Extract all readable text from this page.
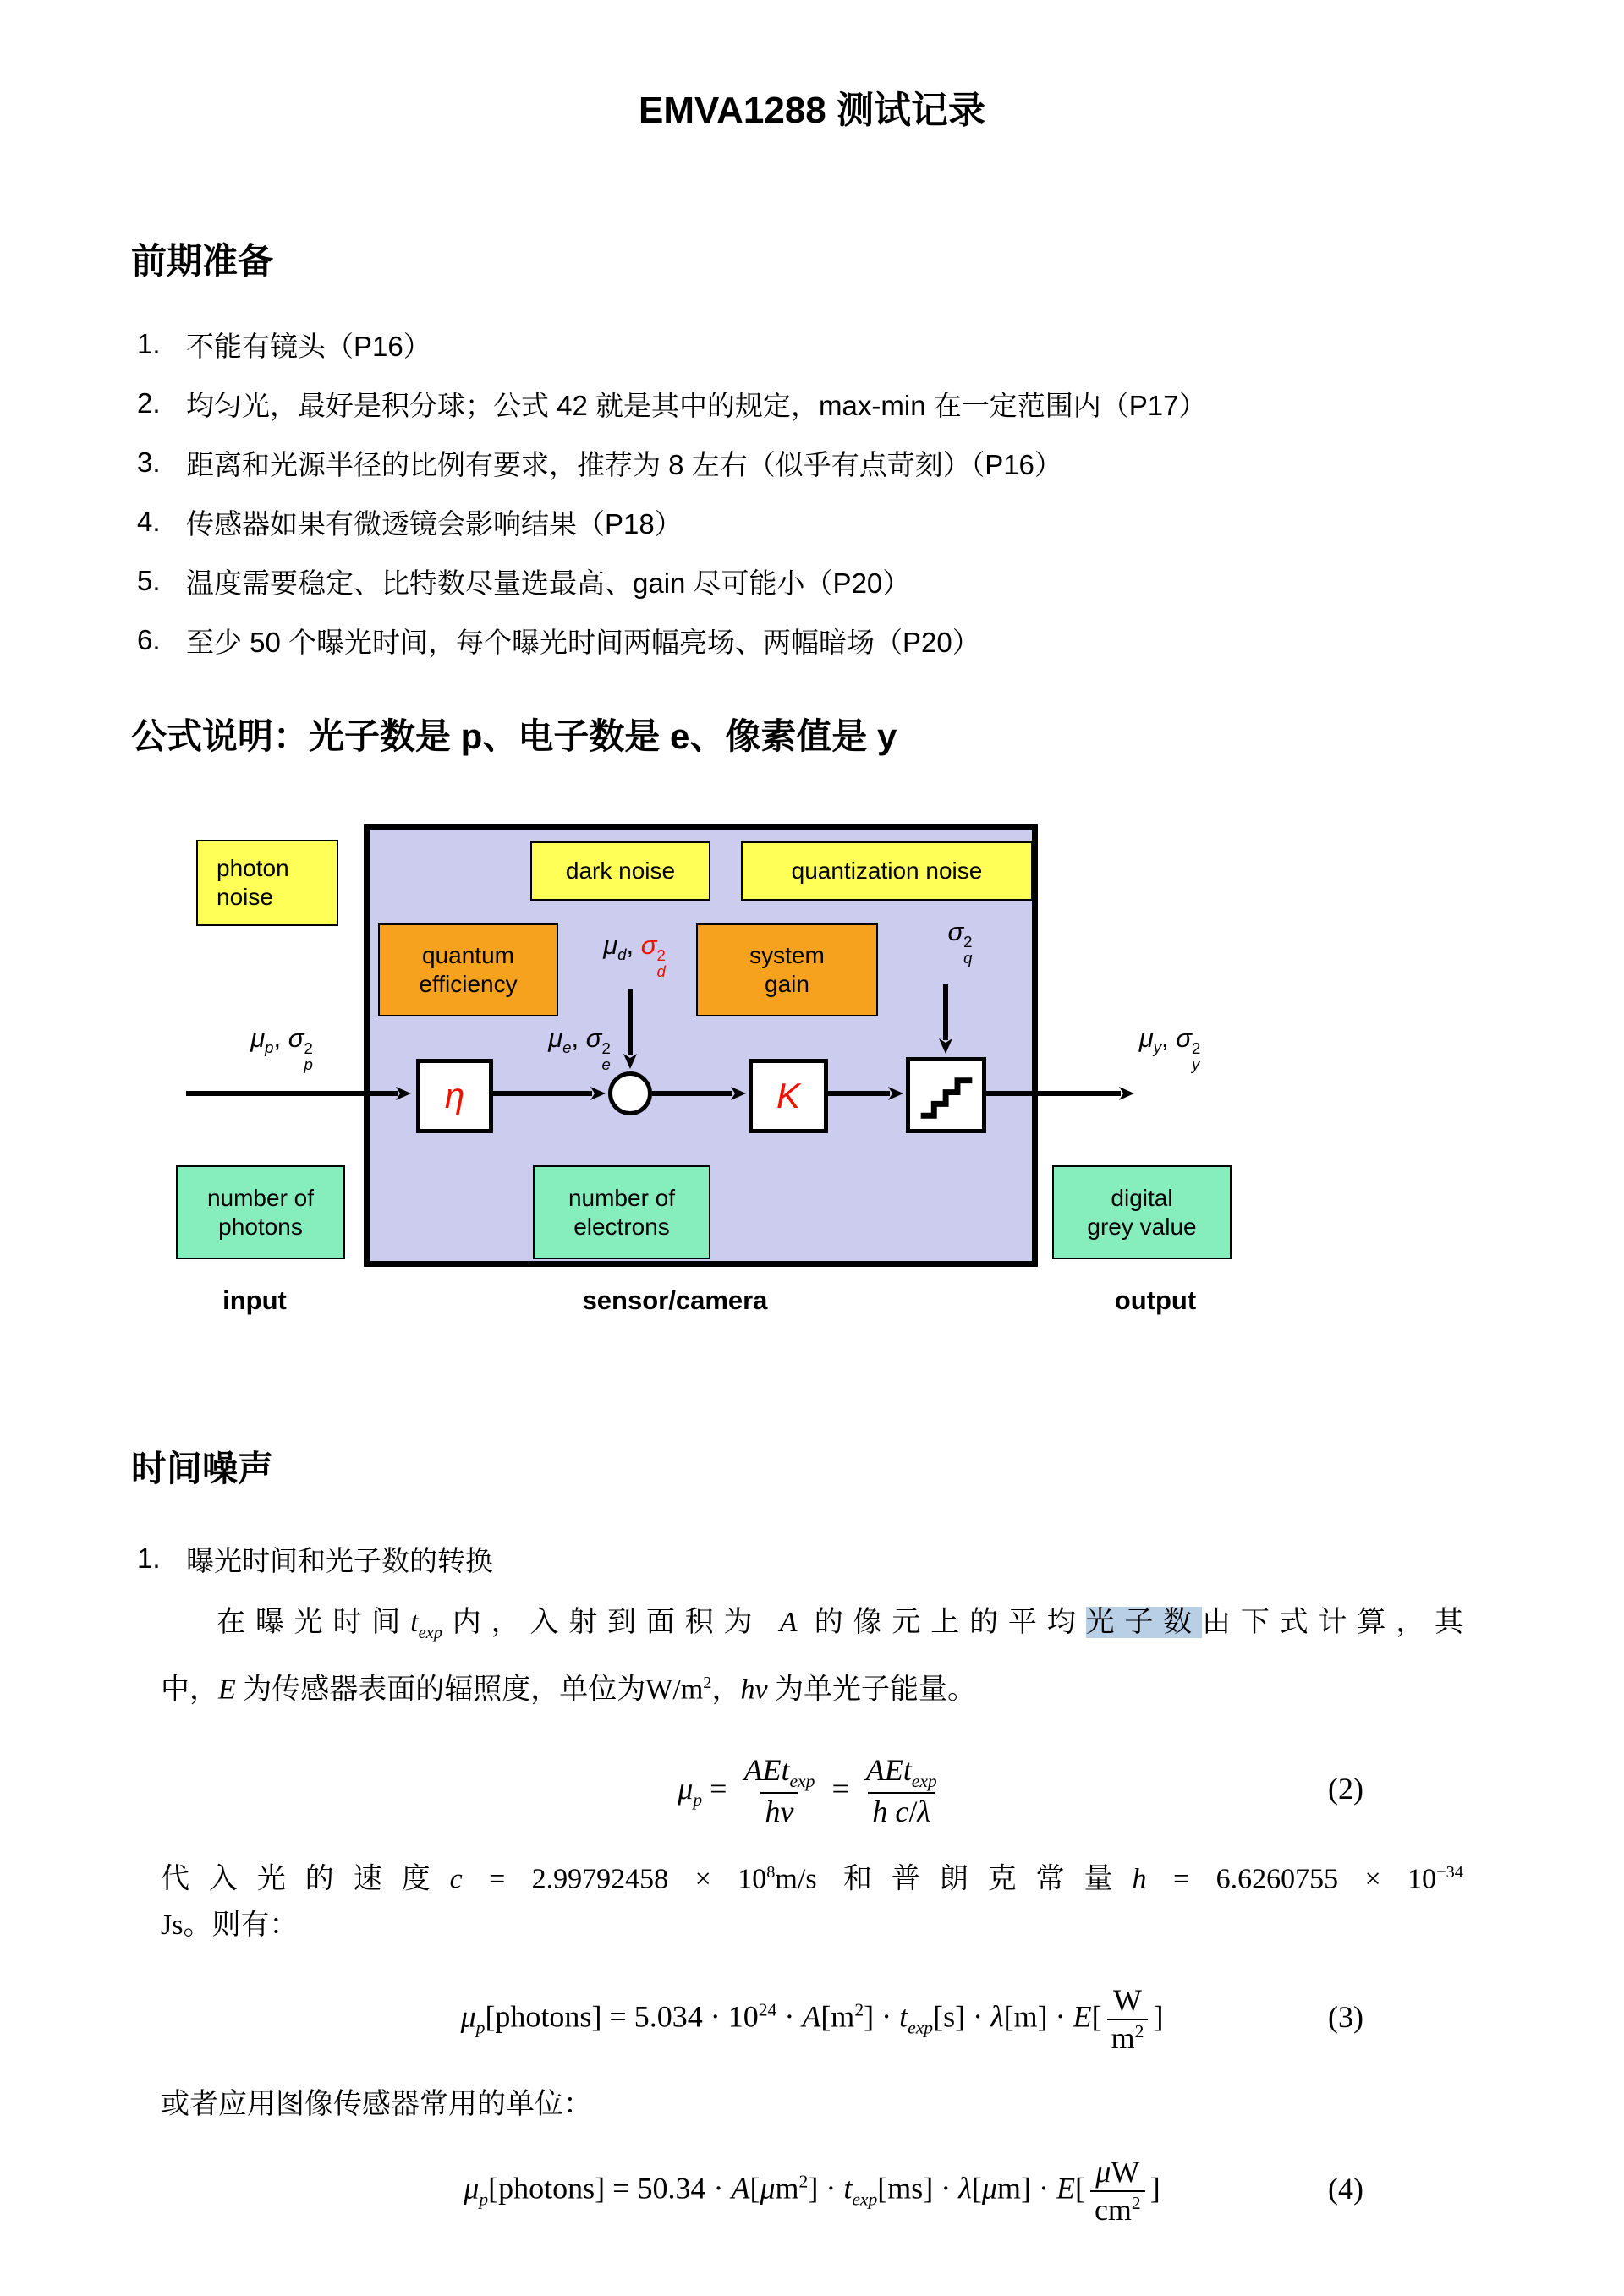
EMVA1288 测试记录
前期准备
1. 不能有镜头（P16）
2. 均匀光，最好是积分球；公式 42 就是其中的规定，max-min 在一定范围内（P17）
3. 距离和光源半径的比例有要求，推荐为 8 左右（似乎有点苛刻）（P16）
4. 传感器如果有微透镜会影响结果（P18）
5. 温度需要稳定、比特数尽量选最高、gain 尽可能小（P20）
6. 至少 50 个曝光时间，每个曝光时间两幅亮场、两幅暗场（P20）
公式说明：光子数是 p、电子数是 e、像素值是 y
photon
noise
dark noise	quantization noise
quantum
efficiency
system
gain
$\mu_d$, σ 2
d
σ 2
q
$\mu_p$, σ 2
p
$\mu_e$, σ 2
e
$\mu_y$, σ 2
y
η	K
number of
photons
number of
electrons
digital
grey value
input	sensor/camera	output
时间噪声
1. 曝光时间和光子数的转换
在曝光时间$t_{exp}$内，入射到面积为 A 的像元上的平均光子数由下式计算，其
中，E 为传感器表面的辐照度，单位为$W/m^2$，hv 为单光子能量。
$\mu_p = \frac{AEt_{exp}}{hv} = \frac{AEt_{exp}}{\text{h c/λ}}$	(2)
代入光的速度$c = 2.99792458 \times 10^8m/s$ 和普朗克常量$h = 6.6260755 \times 10^{-34}$
Js。则有：
$\mu_p[photons] = 5.034 \cdot 10^{24} \cdot A[m^2] \cdot t_{exp}[s] \cdot \lambda[m] \cdot E[ \frac{W}{m^2}$ ]	(3)
或者应用图像传感器常用的单位：
$\mu_p[photons] = 50.34 \cdot A[\mu m^2] \cdot t_{exp}[ms] \cdot \lambda[\mu m] \cdot E[ \frac{\mu W}{cm^2}$ ]	(4)
